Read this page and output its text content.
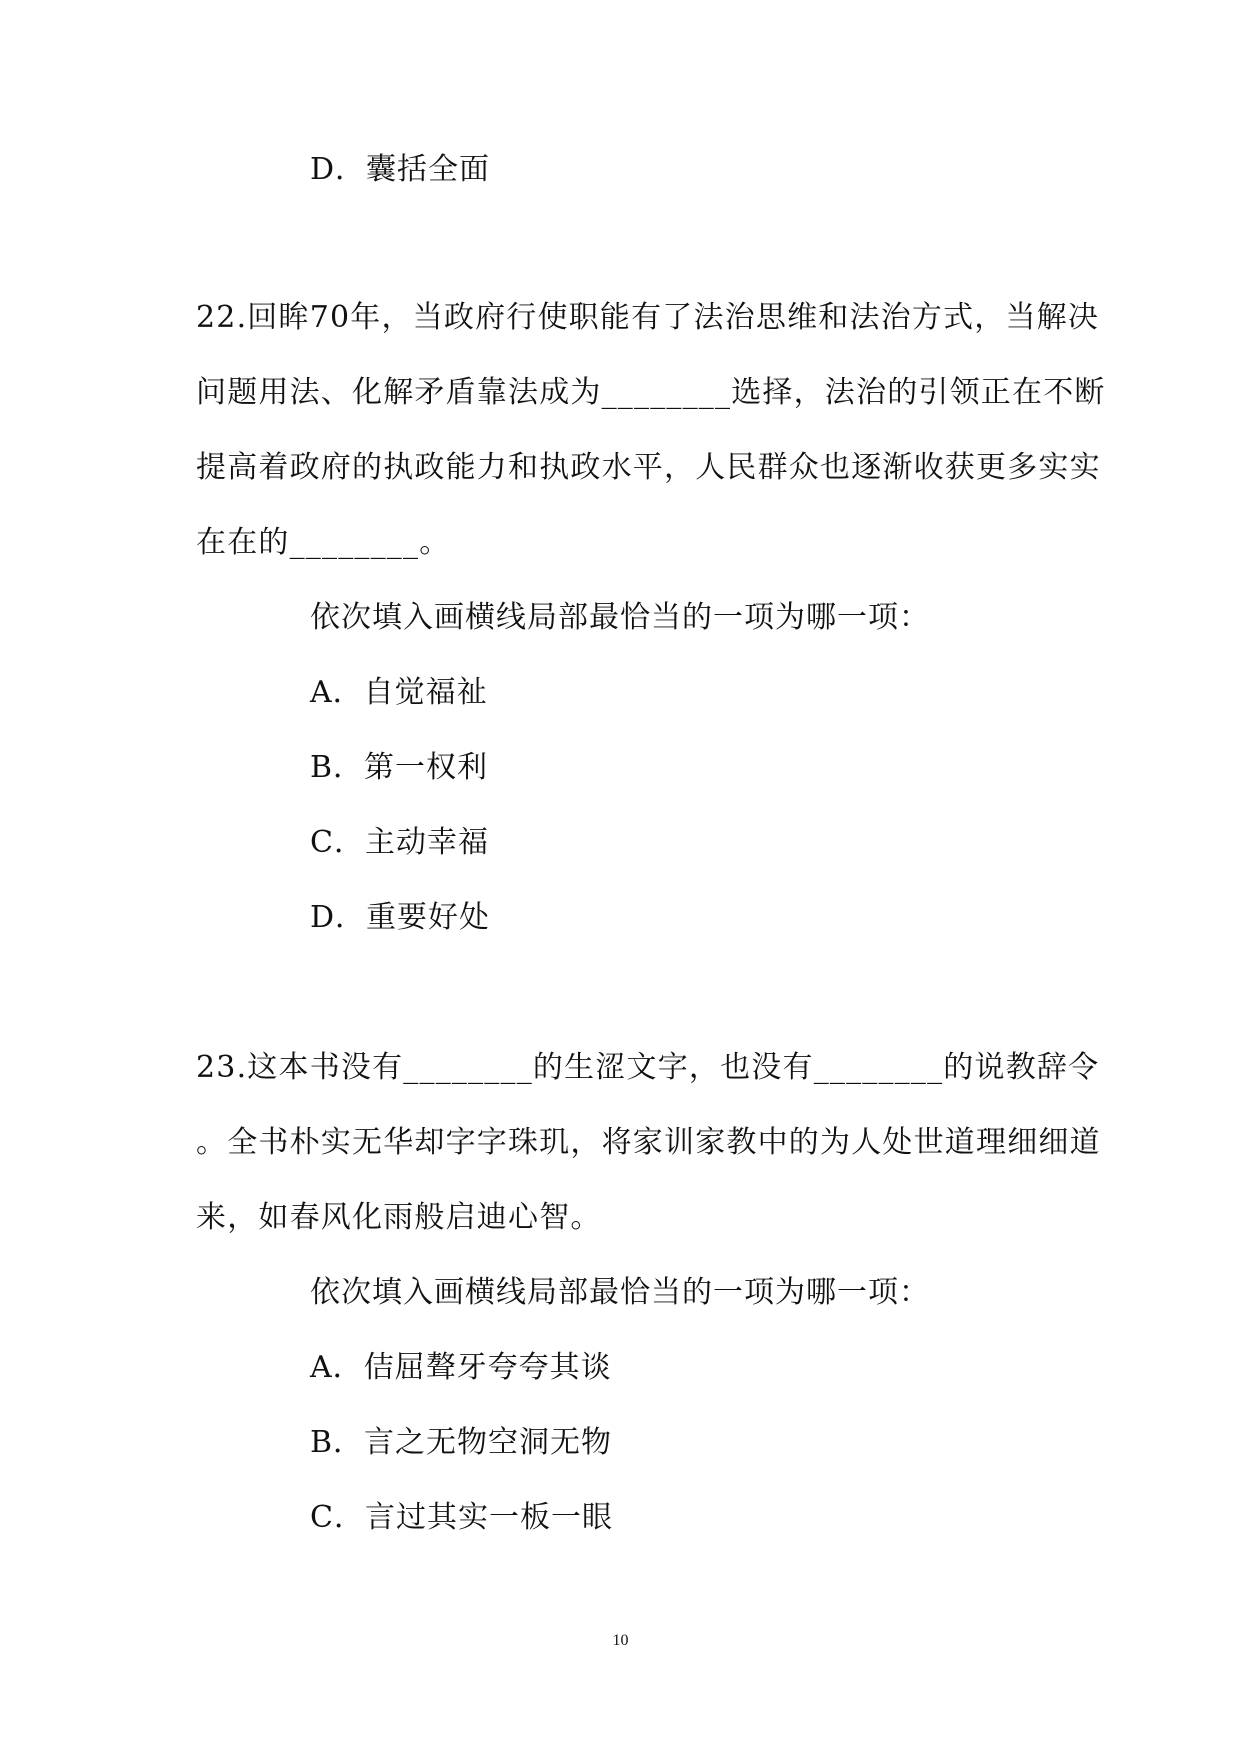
D．囊括全面
22.回眸70年，当政府行使职能有了法治思维和法治方式，当解决
问题用法、化解矛盾靠法成为________选择，法治的引领正在不断
提高着政府的执政能力和执政水平，人民群众也逐渐收获更多实实
在在的________。
依次填入画横线局部最恰当的一项为哪一项：
A．自觉福祉
B．第一权利
C．主动幸福
D．重要好处
23.这本书没有________的生涩文字，也没有________的说教辞令
。全书朴实无华却字字珠玑，将家训家教中的为人处世道理细细道
来，如春风化雨般启迪心智。
依次填入画横线局部最恰当的一项为哪一项：
A．佶屈聱牙夸夸其谈
B．言之无物空洞无物
C．言过其实一板一眼
10
